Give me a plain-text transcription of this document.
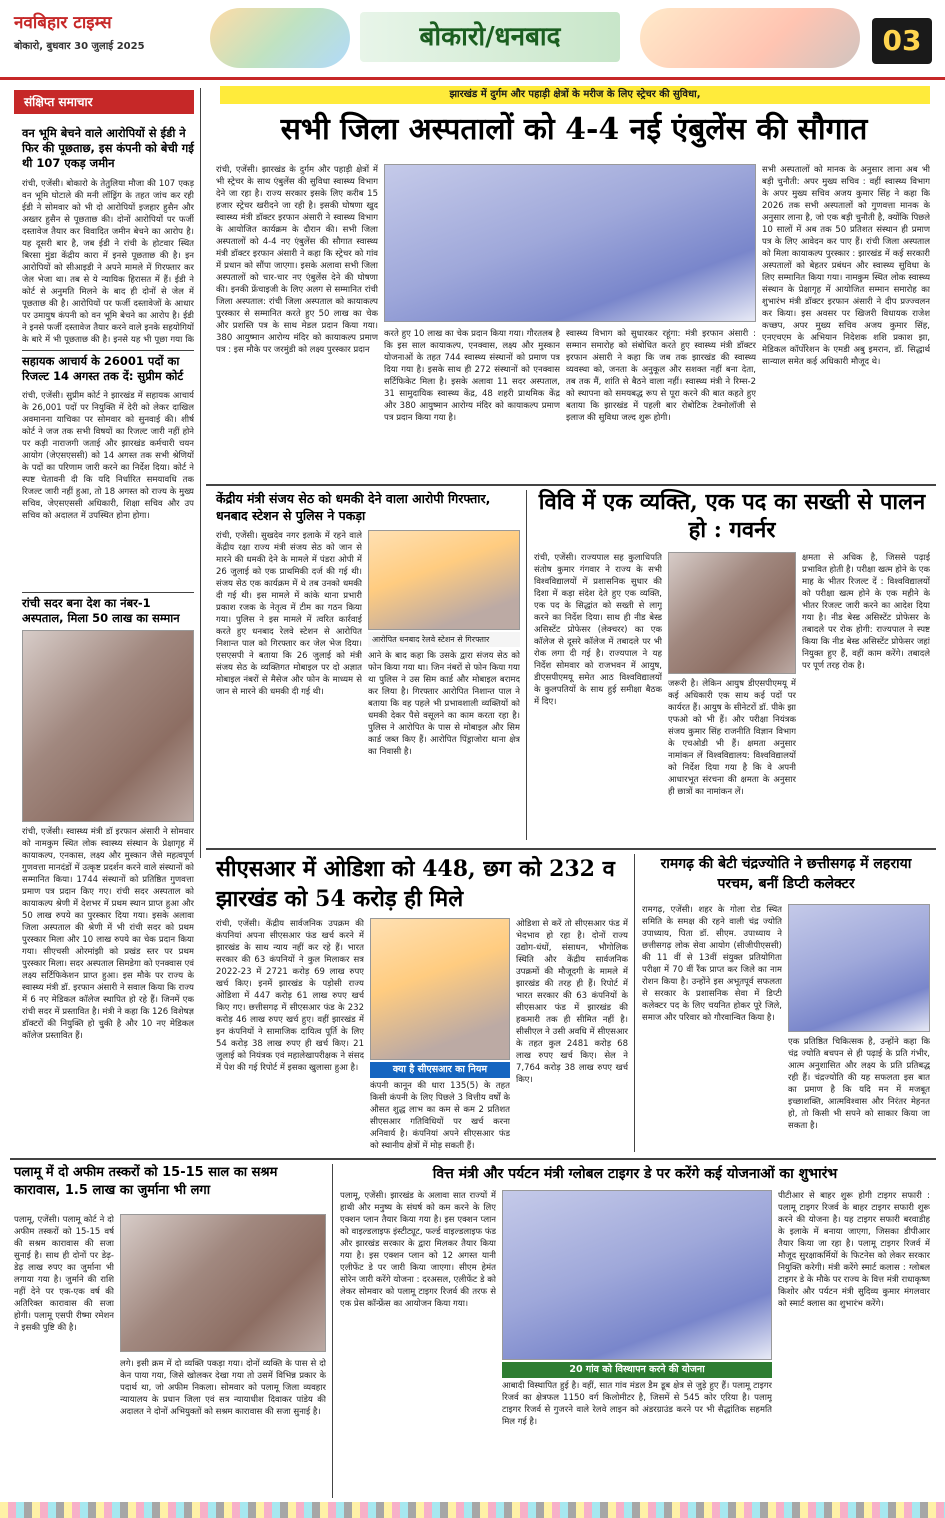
नवबिहार टाइम्स
बोकारो, बुधवार 30 जुलाई 2025	बोकारो/धनबाद	03
संक्षिप्त समाचार
वन भूमि बेचने वाले आरोपियों से ईडी ने फिर की पूछताछ, इस कंपनी को बेची गई थी 107 एकड़ जमीन
रांची, एजेंसी। बोकारो के तेतुलिया मौजा की 107 एकड़ वन भूमि घोटाले की मनी लॉड्रिंग के तहत जांच कर रही ईडी ने सोमवार को भी दो आरोपियों इजहार हुसैन और अख्तर हुसैन से पूछताछ की। दोनों आरोपियों पर फर्जी दस्तावेज तैयार कर विवादित जमीन बेचने का आरोप है। यह दूसरी बार है, जब ईडी ने रांची के होटवार स्थित बिरसा मुंडा केंद्रीय कारा में इनसे पूछताछ की है। इन आरोपियों को सीआइडी ने अपने मामले में गिरफ्तार कर जेल भेजा था। तब से ये न्यायिक हिरासत में हैं। ईडी ने कोर्ट से अनुमति मिलने के बाद ही दोनों से जेल में पूछताछ की है। आरोपियों पर फर्जी दस्तावेजों के आधार पर उमायुष कंपनी को वन भूमि बेचने का आरोप है। ईडी ने इनसे फर्जी दस्तावेज तैयार करने वाले इनके सहयोगियों के बारे में भी पूछताछ की है। इनसे यह भी पूछा गया कि
सहायक आचार्य के 26001 पदों का रिजल्ट 14 अगस्त तक दें: सुप्रीम कोर्ट
रांची, एजेंसी। सुप्रीम कोर्ट ने झारखंड में सहायक आचार्य के 26,001 पदों पर नियुक्ति में देरी को लेकर दाखिल अवमानना याचिका पर सोमवार को सुनवाई की। शीर्ष कोर्ट ने जज तक सभी विषयों का रिजल्ट जारी नहीं होने पर कड़ी नाराजगी जताई और झारखंड कर्मचारी चयन आयोग (जेएसएससी) को 14 अगस्त तक सभी श्रेणियों के पदों का परिणाम जारी करने का निर्देश दिया। कोर्ट ने स्पष्ट चेतावनी दी कि यदि निर्धारित समयावधि तक रिजल्ट जारी नहीं हुआ, तो 18 अगस्त को राज्य के मुख्य सचिव, जेएसएससी अधिकारी, शिक्षा सचिव और उप सचिव को अदालत में उपस्थित होना होगा।
रांची सदर बना देश का नंबर-1 अस्पताल, मिला 50 लाख का सम्मान
रांची, एजेंसी। स्वास्थ्य मंत्री डॉ इरफान अंसारी ने सोमवार को नामकुम स्थित लोक स्वास्थ्य संस्थान के प्रेक्षागृह में कायाकल्प, एनकास, लक्ष्य और मुस्कान जैसे महत्वपूर्ण गुणवत्ता मानदंडों में उत्कृष्ट प्रदर्शन करने वाले संस्थानों को सम्मानित किया। 1744 संस्थानों को प्रतिष्ठित गुणवत्ता प्रमाण पत्र प्रदान किए गए। रांची सदर अस्पताल को कायाकल्प श्रेणी में देशभर में प्रथम स्थान प्राप्त हुआ और 50 लाख रुपये का पुरस्कार दिया गया। इसके अलावा जिला अस्पताल की श्रेणी में भी रांची सदर को प्रथम पुरस्कार मिला और 10 लाख रुपये का चेक प्रदान किया गया। सीएचसी ओरमांझी को प्रखंड स्तर पर प्रथम पुरस्कार मिला। सदर अस्पताल सिमडेगा को एनक्वास एवं लक्ष्य सर्टिफिकेशन प्राप्त हुआ। इस मौके पर राज्य के स्वास्थ्य मंत्री डॉ. इरफान अंसारी ने सवाल किया कि राज्य में 6 नए मेडिकल कॉलेज स्थापित हो रहे हैं। जिनमें एक रांची सदर में प्रस्तावित है। मंत्री ने कहा कि 126 विशेषज्ञ डॉक्टरों की नियुक्ति हो चुकी है और 10 नए मेडिकल कॉलेज प्रस्तावित हैं।
झारखंड में दुर्गम और पहाड़ी क्षेत्रों के मरीज के लिए स्ट्रेचर की सुविधा,
सभी जिला अस्पतालों को 4-4 नई एंबुलेंस की सौगात
रांची, एजेंसी। झारखंड के दुर्गम और पहाड़ी क्षेत्रों में भी स्ट्रेचर के साथ एंबुलेंस की सुविधा स्वास्थ्य विभाग देने जा रहा है। राज्य सरकार इसके लिए करीब 15 हजार स्ट्रेचर खरीदने जा रही है। इसकी घोषणा खुद स्वास्थ्य मंत्री डॉक्टर इरफान अंसारी ने स्वास्थ्य विभाग के आयोजित कार्यक्रम के दौरान की। सभी जिला अस्पतालों को 4-4 नए एंबुलेंस की सौगात स्वास्थ्य मंत्री डॉक्टर इरफान अंसारी ने कहा कि स्ट्रेचर को गांव में प्रधान को सौंपा जाएगा। इसके अलावा सभी जिला अस्पतालों को चार-चार नए एंबुलेंस देने की घोषणा की। इनकी फ्रेंचाइजी के लिए अलग से सम्मानित रांची जिला अस्पताल: रांची जिला अस्पताल को कायाकल्प पुरस्कार से सम्मानित करते हुए 50 लाख का चेक और प्रशस्ति पत्र के साथ मेडल प्रदान किया गया। 380 आयुष्मान आरोग्य मंदिर को कायाकल्प प्रमाण पत्र : इस मौके पर जरमुंडी को लक्ष्य पुरस्कार प्रदान
करते हुए 10 लाख का चेक प्रदान किया गया। गौरतलब है कि इस साल कायाकल्प, एनक्वास, लक्ष्य और मुस्कान योजनाओं के तहत 744 स्वास्थ्य संस्थानों को प्रमाण पत्र दिया गया है। इसके साथ ही 272 संस्थानों को एनक्वास सर्टिफिकेट मिला है। इसके अलावा 11 सदर अस्पताल, 31 सामुदायिक स्वास्थ्य केंद्र, 48 शहरी प्राथमिक केंद्र और 380 आयुष्मान आरोग्य मंदिर को कायाकल्प प्रमाण पत्र प्रदान किया गया है।
स्वास्थ्य विभाग को सुधारकर रहूंगा: मंत्री इरफान अंसारी : सम्मान समारोह को संबोधित करते हुए स्वास्थ्य मंत्री डॉक्टर इरफान अंसारी ने कहा कि जब तक झारखंड की स्वास्थ्य व्यवस्था को, जनता के अनुकूल और सशक्त नहीं बना देता, तब तक मैं, शांति से बैठने वाला नहीं। स्वास्थ्य मंत्री ने रिम्स-2 को स्थापना को समयबद्ध रूप से पूरा करने की बात कहते हुए बताया कि झारखंड में पहली बार रोबोटिक टेक्नोलॉजी से इलाज की सुविधा जल्द शुरू होगी।
सभी अस्पतालों को मानक के अनुसार लाना अब भी बड़ी चुनौती: अपर मुख्य सचिव : वहीं स्वास्थ्य विभाग के अपर मुख्य सचिव अजय कुमार सिंह ने कहा कि 2026 तक सभी अस्पतालों को गुणवत्ता मानक के अनुसार लाना है, जो एक बड़ी चुनौती है, क्योंकि पिछले 10 सालों में अब तक 50 प्रतिशत संस्थान ही प्रमाण पत्र के लिए आवेदन कर पाए हैं। रांची जिला अस्पताल को मिला कायाकल्प पुरस्कार : झारखंड में कई सरकारी अस्पतालों को बेहतर प्रबंधन और स्वास्थ्य सुविधा के लिए सम्मानित किया गया। नामकुम स्थित लोक स्वास्थ्य संस्थान के प्रेक्षागृह में आयोजित सम्मान समारोह का शुभारंभ मंत्री डॉक्टर इरफान अंसारी ने दीप प्रज्ज्वलन कर किया। इस अवसर पर खिजरी विधायक राजेश कच्छप, अपर मुख्य सचिव अजय कुमार सिंह, एनएचएम के अभियान निदेशक शशि प्रकाश झा, मेडिकल कॉर्पोरेशन के एमडी अबु इमरान, डॉ. सिद्धार्थ सान्याल समेत कई अधिकारी मौजूद थे।
केंद्रीय मंत्री संजय सेठ को धमकी देने वाला आरोपी गिरफ्तार, धनबाद स्टेशन से पुलिस ने पकड़ा
रांची, एजेंसी। सुखदेव नगर इलाके में रहने वाले केंद्रीय रक्षा राज्य मंत्री संजय सेठ को जान से मारने की धमकी देने के मामले में पंडरा ओपी में 26 जुलाई को एक प्राथमिकी दर्ज की गई थी। संजय सेठ एक कार्यक्रम में थे तब उनको धमकी दी गई थी। इस मामले में कांके थाना प्रभारी प्रकाश रजक के नेतृत्व में टीम का गठन किया गया। पुलिस ने इस मामले में त्वरित कार्रवाई करते हुए धनबाद रेलवे स्टेशन से आरोपित निशान्त पाल को गिरफ्तार कर जेल भेज दिया। एसएसपी ने बताया कि 26 जुलाई को मंत्री संजय सेठ के व्यक्तिगत मोबाइल पर दो अज्ञात मोबाइल नंबरों से मैसेज और फोन के माध्यम से जान से मारने की धमकी दी गई थी।
आरोपित धनबाद रेलवे स्टेशन से गिरफ्तार
आने के बाद कहा कि उसके द्वारा संजय सेठ को फोन किया गया था। जिन नंबरों से फोन किया गया था पुलिस ने उस सिम कार्ड और मोबाइल बरामद कर लिया है। गिरफ्तार आरोपित निशान्त पाल ने बताया कि वह पहले भी प्रभावशाली व्यक्तियों को धमकी देकर पैसे वसूलने का काम करता रहा है। पुलिस ने आरोपित के पास से मोबाइल और सिम कार्ड जब्त किए हैं। आरोपित पिंड्राजोरा थाना क्षेत्र का निवासी है।
विवि में एक व्यक्ति, एक पद का सख्ती से पालन हो : गवर्नर
रांची, एजेंसी। राज्यपाल सह कुलाधिपति संतोष कुमार गंगवार ने राज्य के सभी विश्वविद्यालयों में प्रशासनिक सुधार की दिशा में कड़ा संदेश देते हुए एक व्यक्ति, एक पद के सिद्धांत को सख्ती से लागू करने का निर्देश दिया। साथ ही नीड बेस्ड असिस्टेंट प्रोफेसर (लेक्चरर) का एक कॉलेज से दूसरे कॉलेज में तबादले पर भी रोक लगा दी गई है। राज्यपाल ने यह निर्देश सोमवार को राजभवन में आयुष, डीएसपीएमयू समेत आठ विश्वविद्यालयों के कुलपतियों के साथ हुई समीक्षा बैठक में दिए।
जरूरी है। लेकिन आयुष डीएसपीएमयू में कई अधिकारी एक साथ कई पदों पर कार्यरत हैं। आयुष के सीनेटरों डॉ. पीके झा एफओ को भी हैं। और परीक्षा नियंत्रक संजय कुमार सिंह राजनीति विज्ञान विभाग के एचओडी भी हैं। क्षमता अनुसार नामांकन लें विश्वविद्यालय: विश्वविद्यालयों को निर्देश दिया गया है कि वे अपनी आधारभूत संरचना की क्षमता के अनुसार ही छात्रों का नामांकन लें।
क्षमता से अधिक है, जिससे पढ़ाई प्रभावित होती है। परीक्षा खत्म होने के एक माह के भीतर रिजल्ट दें : विश्वविद्यालयों को परीक्षा खत्म होने के एक महीने के भीतर रिजल्ट जारी करने का आदेश दिया गया है। नीड बेस्ड असिस्टेंट प्रोफेसर के तबादले पर रोक होगी: राज्यपाल ने स्पष्ट किया कि नीड बेस्ड असिस्टेंट प्रोफेसर जहां नियुक्त हुए हैं, वहीं काम करेंगे। तबादले पर पूर्ण तरह रोक है।
सीएसआर में ओडिशा को 448, छग को 232 व झारखंड को 54 करोड़ ही मिले
रांची, एजेंसी। केंद्रीय सार्वजनिक उपक्रम की कंपनियां अपना सीएसआर फंड खर्च करने में झारखंड के साथ न्याय नहीं कर रहे हैं। भारत सरकार की 63 कंपनियों ने कुल मिलाकर सत्र 2022-23 में 2721 करोड़ 69 लाख रुपए खर्च किए। इनमें झारखंड के पड़ोसी राज्य ओडिशा में 447 करोड़ 61 लाख रुपए खर्च किए गए। छत्तीसगढ़ में सीएसआर फंड के 232 करोड़ 46 लाख रुपए खर्च हुए। वहीं झारखंड में इन कंपनियों ने सामाजिक दायित्व पूर्ति के लिए 54 करोड़ 38 लाख रुपए ही खर्च किए। 21 जुलाई को नियंत्रक एवं महालेखापरीक्षक ने संसद में पेश की गई रिपोर्ट में इसका खुलासा हुआ है।	क्या है सीएसआर का नियम
कंपनी कानून की धारा 135(5) के तहत किसी कंपनी के लिए पिछले 3 वित्तीय वर्षों के औसत शुद्ध लाभ का कम से कम 2 प्रतिशत सीएसआर गतिविधियों पर खर्च करना अनिवार्य है। कंपनियां अपने सीएसआर फंड को स्थानीय क्षेत्रों में मोड़ सकती हैं।
ओडिशा से करें तो सीएसआर फंड में भेदभाव हो रहा है। दोनों राज्य उद्योग-धंधों, संसाधन, भौगोलिक स्थिति और केंद्रीय सार्वजनिक उपक्रमों की मौजूदगी के मामले में झारखंड की तरह ही हैं। रिपोर्ट में भारत सरकार की 63 कंपनियों के सीएसआर फंड में झारखंड की हकमारी तक ही सीमित नहीं है। सीसीएल ने उसी अवधि में सीएसआर के तहत कुल 2481 करोड़ 68 लाख रुपए खर्च किए। सेल ने 7,764 करोड़ 38 लाख रुपए खर्च किए।
रामगढ़ की बेटी चंद्रज्योति ने छत्तीसगढ़ में लहराया परचम, बनीं डिप्टी कलेक्टर
रामगढ़, एजेंसी। शहर के गोला रोड स्थित समिति के समक्ष की रहने वाली चंद्र ज्योति उपाध्याय, पिता डॉ. सीएम. उपाध्याय ने छत्तीसगढ़ लोक सेवा आयोग (सीजीपीएससी) की 11 वीं से 13वीं संयुक्त प्रतियोगिता परीक्षा में 70 वीं रैंक प्राप्त कर जिले का नाम रोशन किया है। उन्होंने इस अभूतपूर्व सफलता से सरकार के प्रशासनिक सेवा में डिप्टी कलेक्टर पद के लिए चयनित होकर पूरे जिले, समाज और परिवार को गौरवान्वित किया है।
एक प्रतिष्ठित चिकित्सक है, उन्होंने कहा कि चंद्र ज्योति बचपन से ही पढ़ाई के प्रति गंभीर, आत्म अनुशासित और लक्ष्य के प्रति प्रतिबद्ध रही हैं। चंद्रज्योति की यह सफलता इस बात का प्रमाण है कि यदि मन में मजबूत इच्छाशक्ति, आत्मविश्वास और निरंतर मेहनत हो, तो किसी भी सपने को साकार किया जा सकता है।
पलामू में दो अफीम तस्करों को 15-15 साल का सश्रम कारावास, 1.5 लाख का जुर्माना भी लगा
पलामू, एजेंसी। पलामू कोर्ट ने दो अफीम तस्करों को 15-15 वर्ष की सश्रम कारावास की सजा सुनाई है। साथ ही दोनों पर डेढ़-डेढ़ लाख रुपए का जुर्माना भी लगाया गया है। जुर्माने की राशि नहीं देने पर एक-एक वर्ष की अतिरिक्त कारावास की सजा होगी। पलामू एसपी रीष्मा रमेशन ने इसकी पुष्टि की है।
लगे। इसी क्रम में दो व्यक्ति पकड़ा गया। दोनों व्यक्ति के पास से दो केन पाया गया, जिसे खोलकर देखा गया तो उसमें विभिन्न प्रकार के पदार्थ था, जो अफीम निकला। सोमवार को पलामू जिला व्यवहार न्यायालय के प्रधान जिला एवं सत्र न्यायाधीश दिवाकर पांडेय की अदालत ने दोनों अभियुक्तों को सश्रम कारावास की सजा सुनाई है।
वित्त मंत्री और पर्यटन मंत्री ग्लोबल टाइगर डे पर करेंगे कई योजनाओं का शुभारंभ
पलामू, एजेंसी। झारखंड के अलावा सात राज्यों में हाथी और मनुष्य के संघर्ष को कम करने के लिए एक्शन प्लान तैयार किया गया है। इस एक्शन प्लान को वाइल्डलाइफ इंस्टीट्यूट, फर्ल्ड वाइल्डलाइफ फंड और झारखंड सरकार के द्वारा मिलकर तैयार किया गया है। इस एक्शन प्लान को 12 अगस्त यानी एलीफेंट डे पर जारी किया जाएगा। सीएम हेमंत सोरेन जारी करेंगे योजना : दरअसल, एलीफेंट डे को लेकर सोमवार को पलामू टाइगर रिजर्व की तरफ से एक प्रेस कॉन्फ्रेंस का आयोजन किया गया।
20 गांव को विस्थापन करने की योजना
आबादी विस्थापित हुई है। वहीं, सात गांव मंडल डैम डूब क्षेत्र से जुड़े हुए हैं। पलामू टाइगर रिजर्व का क्षेत्रफल 1150 वर्ग किलोमीटर है, जिसमें से 545 कोर एरिया है। पलामू टाइगर रिजर्व से गुजरने वाले रेलवे लाइन को अंडरग्राउंड करने पर भी सैद्धांतिक सहमति मिल गई है।
पीटीआर से बाहर शुरू होगी टाइगर सफारी : पलामू टाइगर रिजर्व के बाहर टाइगर सफारी शुरू करने की योजना है। यह टाइगर सफारी बरवाडीह के इलाके में बनाया जाएगा, जिसका डीपीआर तैयार किया जा रहा है। पलामू टाइगर रिजर्व में मौजूद सुरक्षाकर्मियों के फिटनेस को लेकर सरकार नियुक्ति करेगी। मंत्री करेंगे स्मार्ट कलास : ग्लोबल टाइगर डे के मौके पर राज्य के वित्त मंत्री राधाकृष्ण किशोर और पर्यटन मंत्री सुदिव्य कुमार मंगलवार को स्मार्ट क्लास का शुभारंभ करेंगे।
